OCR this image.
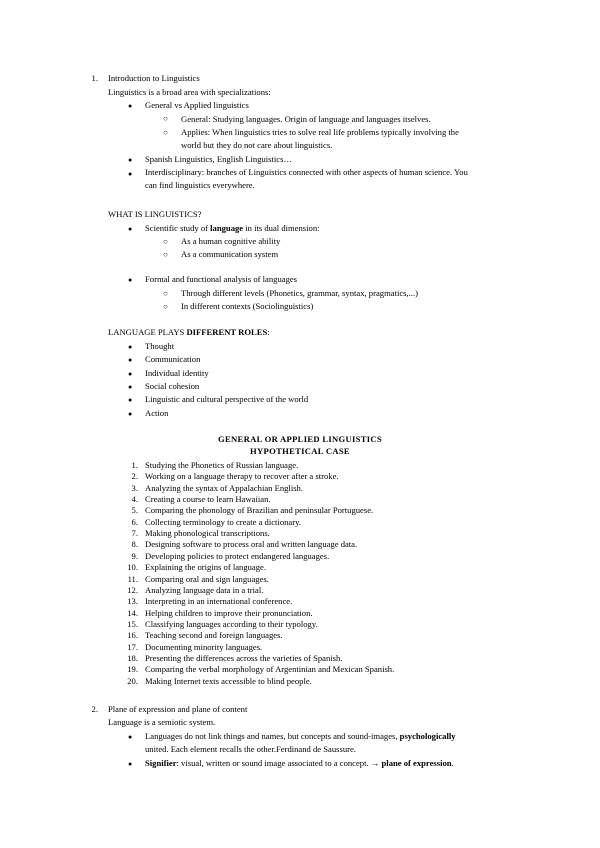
1. Introduction to Linguistics
Linguistics is a broad area with specializations:
● General vs Applied linguistics
○ General: Studying languages. Origin of language and languages itselves.
○ Applies: When linguistics tries to solve real life problems typically involving the
world but they do not care about linguistics.
● Spanish Linguistics, English Linguistics…
● Interdisciplinary: branches of Linguistics connected with other aspects of human science. You
can find linguistics everywhere.
WHAT IS LINGUISTICS?
● Scientific study of language in its dual dimension:
○ As a human cognitive ability
○ As a communication system
● Formal and functional analysis of languages
○ Through different levels (Phonetics, grammar, syntax, pragmatics,...)
○ In different contexts (Sociolinguistics)
LANGUAGE PLAYS DIFFERENT ROLES:
● Thought
● Communication
● Individual identity
● Social cohesion
● Linguistic and cultural perspective of the world
● Action
GENERAL OR APPLIED LINGUISTICS
HYPOTHETICAL CASE
1. Studying the Phonetics of Russian language.
2. Working on a language therapy to recover after a stroke.
3. Analyzing the syntax of Appalachian English.
4. Creating a course to learn Hawaiian.
5. Comparing the phonology of Brazilian and peninsular Portuguese.
6. Collecting terminology to create a dictionary.
7. Making phonological transcriptions.
8. Designing software to process oral and written language data.
9. Developing policies to protect endangered languages.
10. Explaining the origins of language.
11. Comparing oral and sign languages.
12. Analyzing language data in a trial.
13. Interpreting in an international conference.
14. Helping children to improve their pronunciation.
15. Classifying languages according to their typology.
16. Teaching second and foreign languages.
17. Documenting minority languages.
18. Presenting the differences across the varieties of Spanish.
19. Comparing the verbal morphology of Argentinian and Mexican Spanish.
20. Making Internet texts accessible to blind people.
2. Plane of expression and plane of content
Language is a semiotic system.
● Languages do not link things and names, but concepts and sound-images, psychologically
united. Each element recalls the other.Ferdinand de Saussure.
● Signifier: visual, written or sound image associated to a concept. → plane of expression.
